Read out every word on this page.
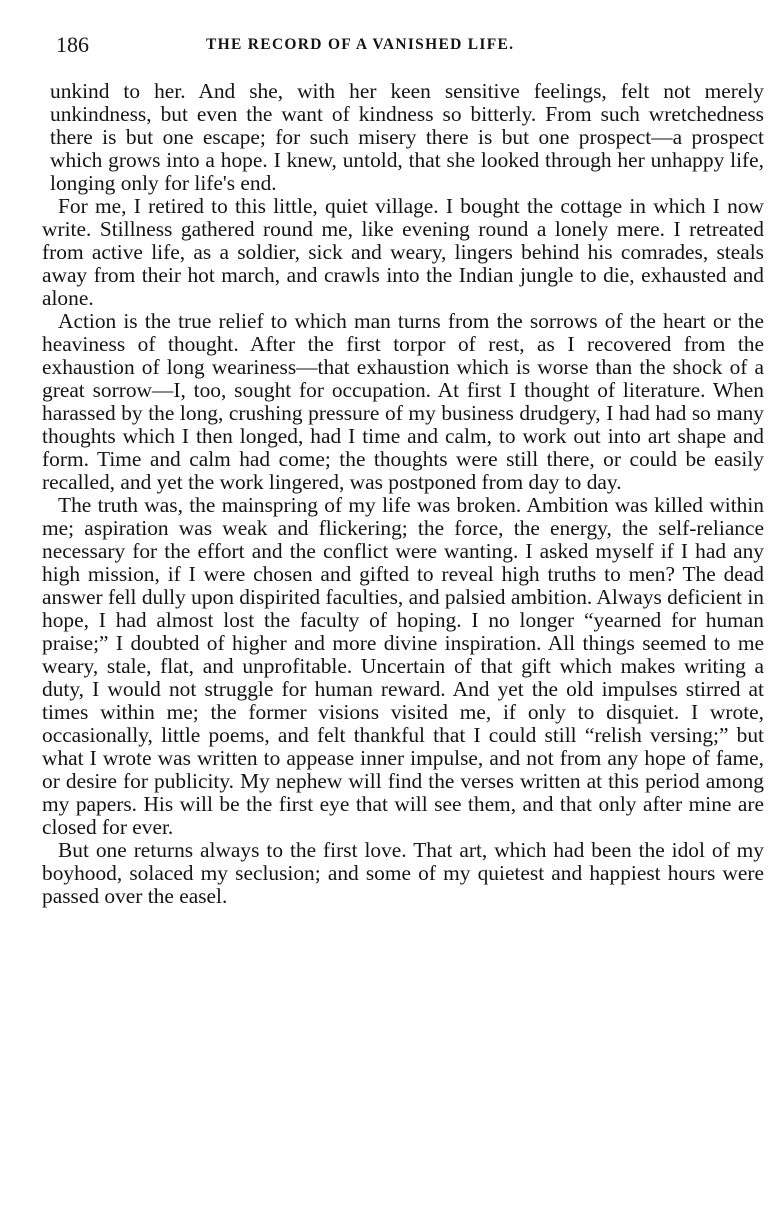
186	THE RECORD OF A VANISHED LIFE.

unkind to her. And she, with her keen sensitive feelings, felt not merely unkindness, but even the want of kindness so bitterly. From such wretchedness there is but one escape; for such misery there is but one prospect—a prospect which grows into a hope. I knew, untold, that she looked through her unhappy life, longing only for life's end.

For me, I retired to this little, quiet village. I bought the cottage in which I now write. Stillness gathered round me, like evening round a lonely mere. I retreated from active life, as a soldier, sick and weary, lingers behind his comrades, steals away from their hot march, and crawls into the Indian jungle to die, exhausted and alone.

Action is the true relief to which man turns from the sorrows of the heart or the heaviness of thought. After the first torpor of rest, as I recovered from the exhaustion of long weariness—that exhaustion which is worse than the shock of a great sorrow—I, too, sought for occupation. At first I thought of literature. When harassed by the long, crushing pressure of my business drudgery, I had had so many thoughts which I then longed, had I time and calm, to work out into art shape and form. Time and calm had come; the thoughts were still there, or could be easily recalled, and yet the work lingered, was postponed from day to day.

The truth was, the mainspring of my life was broken. Ambition was killed within me; aspiration was weak and flickering; the force, the energy, the self-reliance necessary for the effort and the conflict were wanting. I asked myself if I had any high mission, if I were chosen and gifted to reveal high truths to men? The dead answer fell dully upon dispirited faculties, and palsied ambition. Always deficient in hope, I had almost lost the faculty of hoping. I no longer “yearned for human praise;” I doubted of higher and more divine inspiration. All things seemed to me weary, stale, flat, and unprofitable. Uncertain of that gift which makes writing a duty, I would not struggle for human reward. And yet the old impulses stirred at times within me; the former visions visited me, if only to disquiet. I wrote, occasionally, little poems, and felt thankful that I could still “relish versing;” but what I wrote was written to appease inner impulse, and not from any hope of fame, or desire for publicity. My nephew will find the verses written at this period among my papers. His will be the first eye that will see them, and that only after mine are closed for ever.

But one returns always to the first love. That art, which had been the idol of my boyhood, solaced my seclusion; and some of my quietest and happiest hours were passed over the easel.
